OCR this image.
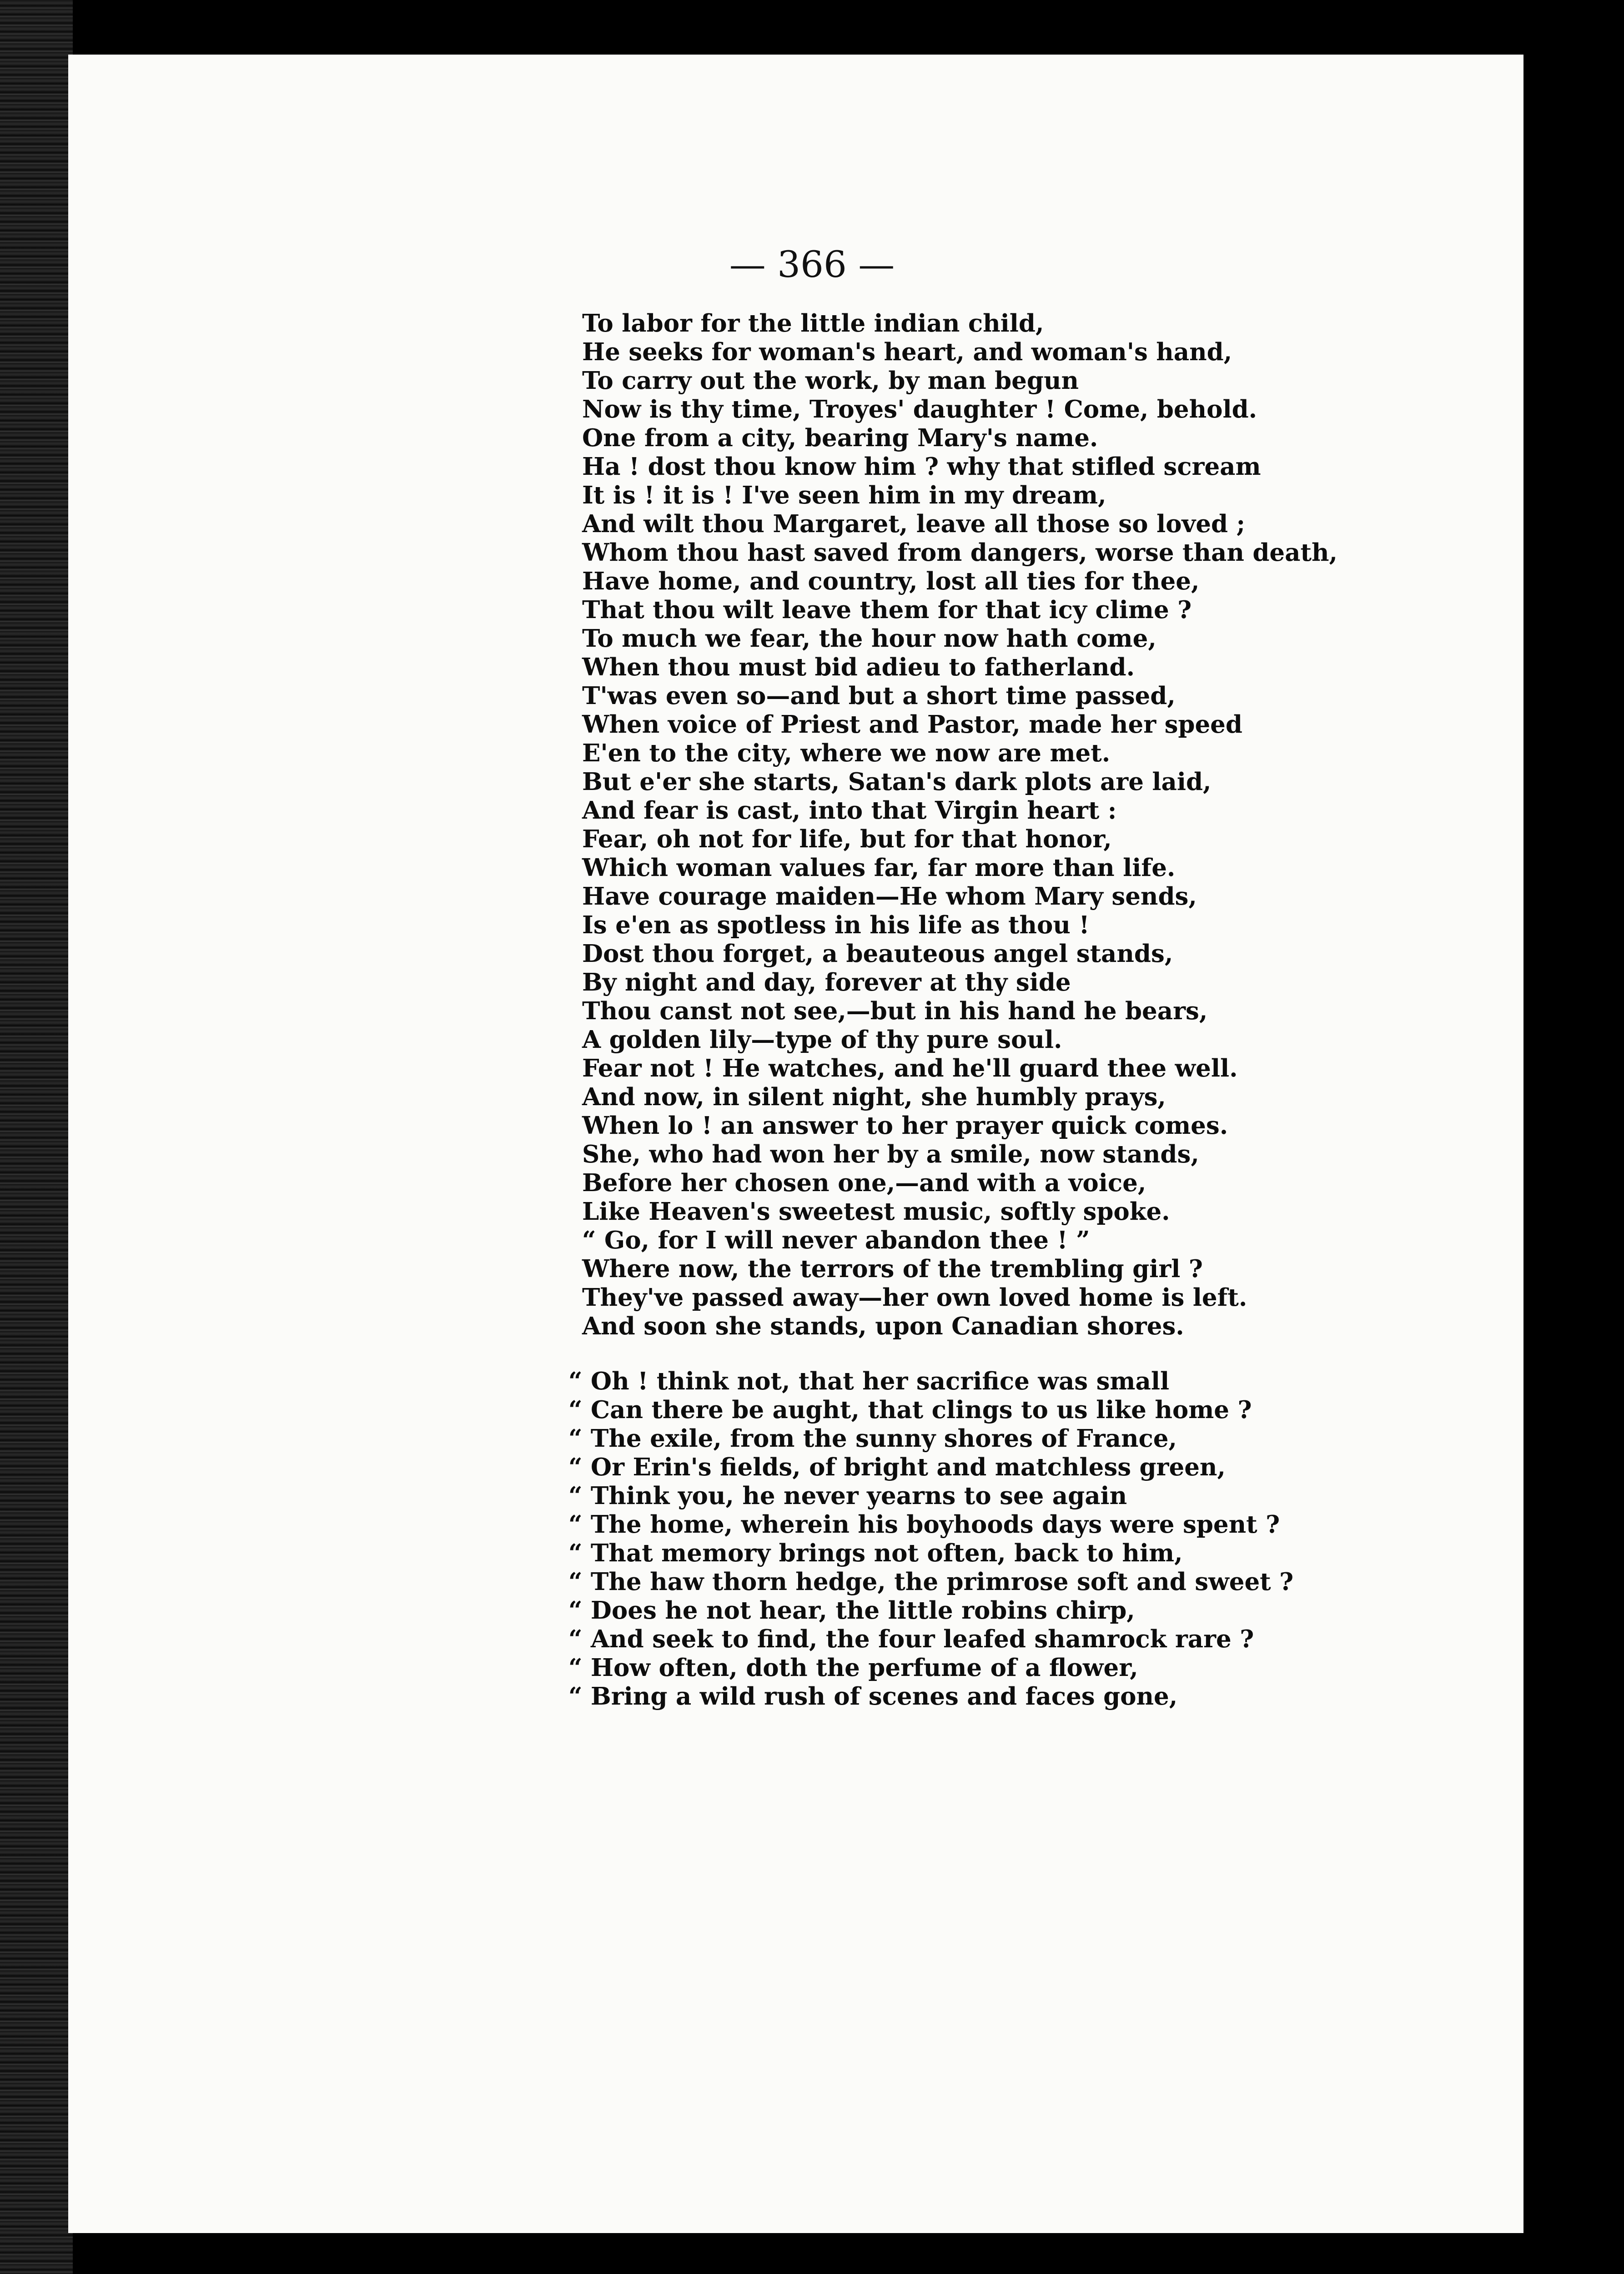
— 366 —
To labor for the little indian child,
He seeks for woman's heart, and woman's hand,
To carry out the work, by man begun
Now is thy time, Troyes' daughter ! Come, behold.
One from a city, bearing Mary's name.
Ha ! dost thou know him ? why that stifled scream
It is ! it is ! I've seen him in my dream,
And wilt thou Margaret, leave all those so loved ;
Whom thou hast saved from dangers, worse than death,
Have home, and country, lost all ties for thee,
That thou wilt leave them for that icy clime ?
To much we fear, the hour now hath come,
When thou must bid adieu to fatherland.
T'was even so—and but a short time passed,
When voice of Priest and Pastor, made her speed
E'en to the city, where we now are met.
But e'er she starts, Satan's dark plots are laid,
And fear is cast, into that Virgin heart :
Fear, oh not for life, but for that honor,
Which woman values far, far more than life.
Have courage maiden—He whom Mary sends,
Is e'en as spotless in his life as thou !
Dost thou forget, a beauteous angel stands,
By night and day, forever at thy side
Thou canst not see,—but in his hand he bears,
A golden lily—type of thy pure soul.
Fear not ! He watches, and he'll guard thee well.
And now, in silent night, she humbly prays,
When lo ! an answer to her prayer quick comes.
She, who had won her by a smile, now stands,
Before her chosen one,—and with a voice,
Like Heaven's sweetest music, softly spoke.
“ Go, for I will never abandon thee ! ”
Where now, the terrors of the trembling girl ?
They've passed away—her own loved home is left.
And soon she stands, upon Canadian shores.
“ Oh ! think not, that her sacrifice was small
“ Can there be aught, that clings to us like home ?
“ The exile, from the sunny shores of France,
“ Or Erin's fields, of bright and matchless green,
“ Think you, he never yearns to see again
“ The home, wherein his boyhoods days were spent ?
“ That memory brings not often, back to him,
“ The haw thorn hedge, the primrose soft and sweet ?
“ Does he not hear, the little robins chirp,
“ And seek to find, the four leafed shamrock rare ?
“ How often, doth the perfume of a flower,
“ Bring a wild rush of scenes and faces gone,
